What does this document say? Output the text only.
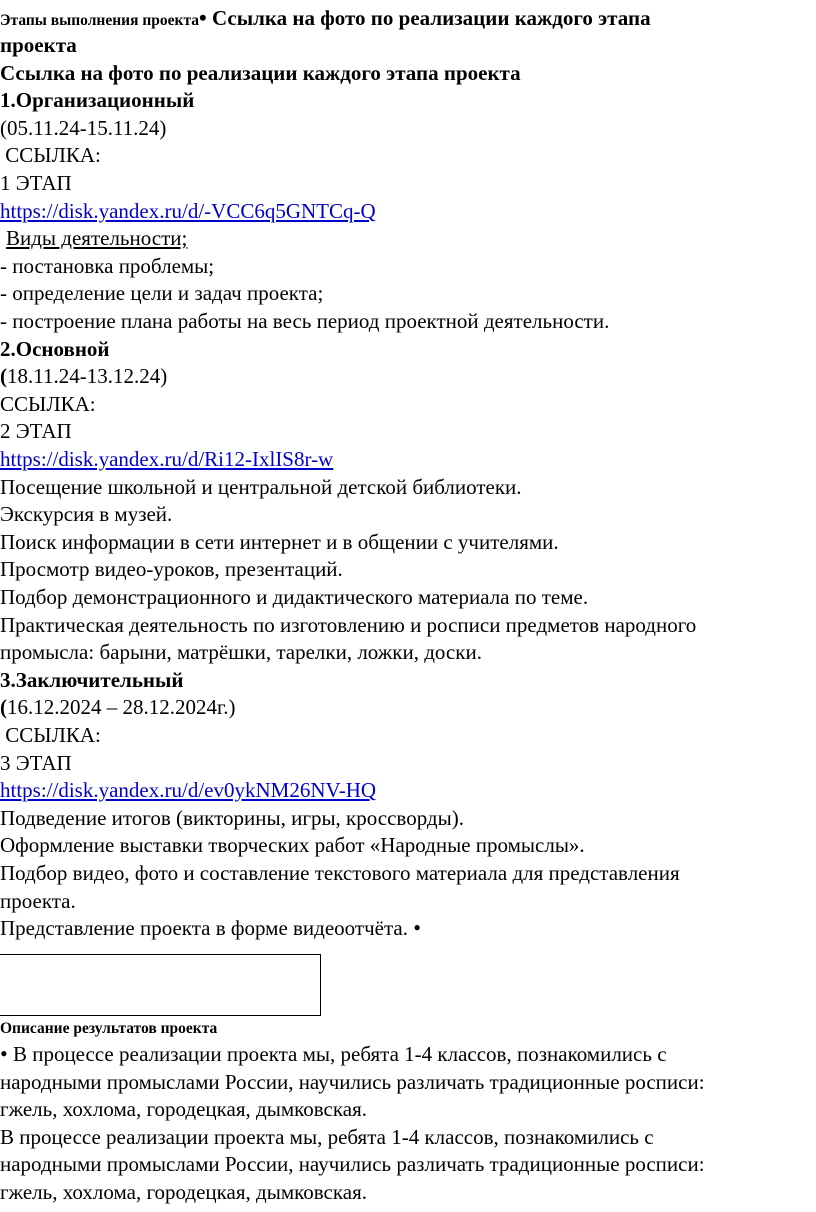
Этапы выполнения проекта• Ссылка на фото по реализации каждого этапа
проекта
Ссылка на фото по реализации каждого этапа проекта
1.Организационный
(05.11.24-15.11.24)
ССЫЛКА:
1 ЭТАП
https://disk.yandex.ru/d/-VCC6q5GNTCq-Q
Виды деятельности;
- постановка проблемы;
- определение цели и задач проекта;
- построение плана работы на весь период проектной деятельности.
2.Основной
(18.11.24-13.12.24)
ССЫЛКА:
2 ЭТАП
https://disk.yandex.ru/d/Ri12-IxlIS8r-w
Посещение школьной и центральной детской библиотеки.
Экскурсия в музей.
Поиск информации в сети интернет и в общении с учителями.
Просмотр видео-уроков, презентаций.
Подбор демонстрационного и дидактического материала по теме.
Практическая деятельность по изготовлению и росписи предметов народного
промысла: барыни, матрёшки, тарелки, ложки, доски.
3.Заключительный
(16.12.2024 – 28.12.2024г.)
ССЫЛКА:
3 ЭТАП
https://disk.yandex.ru/d/ev0ykNM26NV-HQ
Подведение итогов (викторины, игры, кроссворды).
Оформление выставки творческих работ «Народные промыслы».
Подбор видео, фото и составление текстового материала для представления
проекта.
Представление проекта в форме видеоотчёта. •
Описание результатов проекта
• В процессе реализации проекта мы, ребята 1-4 классов, познакомились с
народными промыслами России, научились различать традиционные росписи:
гжель, хохлома, городецкая, дымковская.
В процессе реализации проекта мы, ребята 1-4 классов, познакомились с
народными промыслами России, научились различать традиционные росписи:
гжель, хохлома, городецкая, дымковская.
